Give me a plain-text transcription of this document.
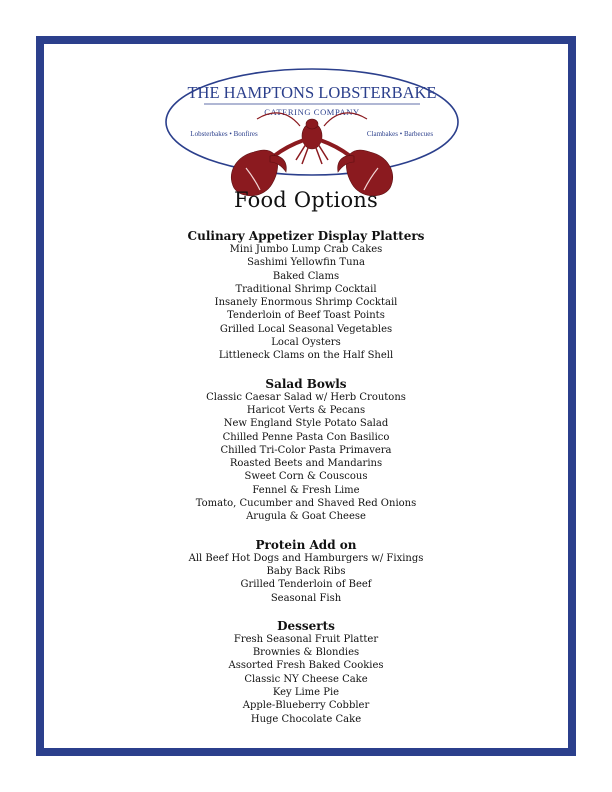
THE HAMPTONS LOBSTERBAKE
CATERING COMPANY
Lobsterbakes • Bonfires	Clambakes • Barbecues
Food Options

Culinary Appetizer Display Platters

Mini Jumbo Lump Crab Cakes

Sashimi Yellowfin Tuna

Baked Clams

Traditional Shrimp Cocktail

Insanely Enormous Shrimp Cocktail

Tenderloin of Beef Toast Points

Grilled Local Seasonal Vegetables

Local Oysters

Littleneck Clams on the Half Shell

Salad Bowls

Classic Caesar Salad w/ Herb Croutons

Haricot Verts & Pecans

New England Style Potato Salad

Chilled Penne Pasta Con Basilico

Chilled Tri-Color Pasta Primavera

Roasted Beets and Mandarins

Sweet Corn & Couscous

Fennel & Fresh Lime

Tomato, Cucumber and Shaved Red Onions

Arugula & Goat Cheese

Protein Add on

All Beef Hot Dogs and Hamburgers w/ Fixings

Baby Back Ribs

Grilled Tenderloin of Beef

Seasonal Fish

Desserts

Fresh Seasonal Fruit Platter

Brownies & Blondies

Assorted Fresh Baked Cookies

Classic NY Cheese Cake

Key Lime Pie

Apple-Blueberry Cobbler

Huge Chocolate Cake
